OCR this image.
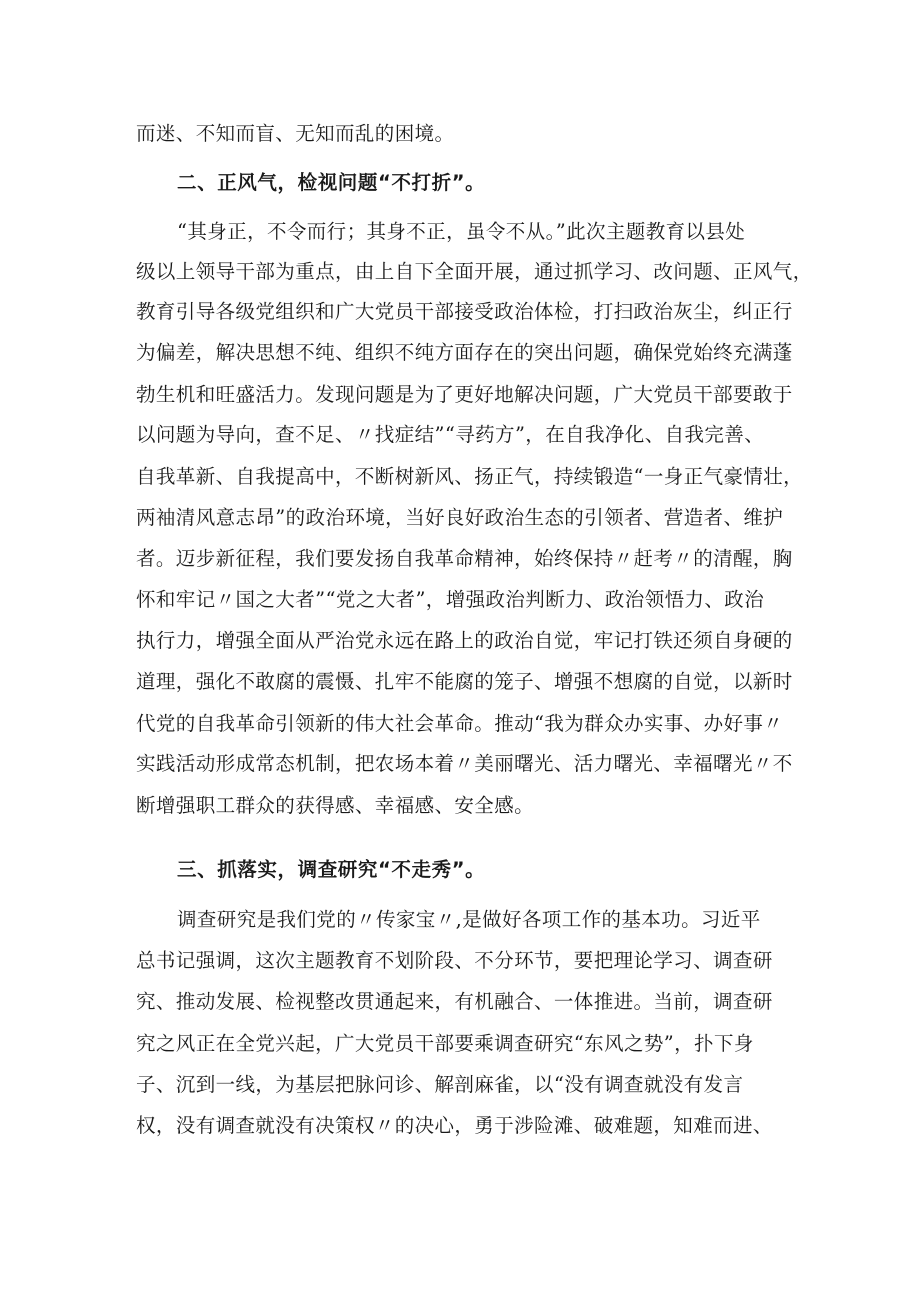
而迷、不知而盲、无知而乱的困境。
二、正风气，检视问题“不打折”。
“其身正，不令而行；其身不正，虽令不从。”此次主题教育以县处
级以上领导干部为重点，由上自下全面开展，通过抓学习、改问题、正风气，
教育引导各级党组织和广大党员干部接受政治体检，打扫政治灰尘，纠正行
为偏差，解决思想不纯、组织不纯方面存在的突出问题，确保党始终充满蓬
勃生机和旺盛活力。发现问题是为了更好地解决问题，广大党员干部要敢于
以问题为导向，查不足、〃找症结”“寻药方”，在自我净化、自我完善、
自我革新、自我提高中，不断树新风、扬正气，持续锻造“一身正气豪情壮，
两袖清风意志昂”的政治环境，当好良好政治生态的引领者、营造者、维护
者。迈步新征程，我们要发扬自我革命精神，始终保持〃赶考〃的清醒，胸
怀和牢记〃国之大者”“党之大者”，增强政治判断力、政治领悟力、政治
执行力，增强全面从严治党永远在路上的政治自觉，牢记打铁还须自身硬的
道理，强化不敢腐的震慑、扎牢不能腐的笼子、增强不想腐的自觉，以新时
代党的自我革命引领新的伟大社会革命。推动“我为群众办实事、办好事〃
实践活动形成常态机制，把农场本着〃美丽曙光、活力曙光、幸福曙光〃不
断增强职工群众的获得感、幸福感、安全感。
三、抓落实，调查研究“不走秀”。
调查研究是我们党的〃传家宝〃,是做好各项工作的基本功。习近平
总书记强调，这次主题教育不划阶段、不分环节，要把理论学习、调查研
究、推动发展、检视整改贯通起来，有机融合、一体推进。当前，调查研
究之风正在全党兴起，广大党员干部要乘调查研究“东风之势”，扑下身
子、沉到一线，为基层把脉问诊、解剖麻雀，以“没有调查就没有发言
权，没有调查就没有决策权〃的决心，勇于涉险滩、破难题，知难而进、
